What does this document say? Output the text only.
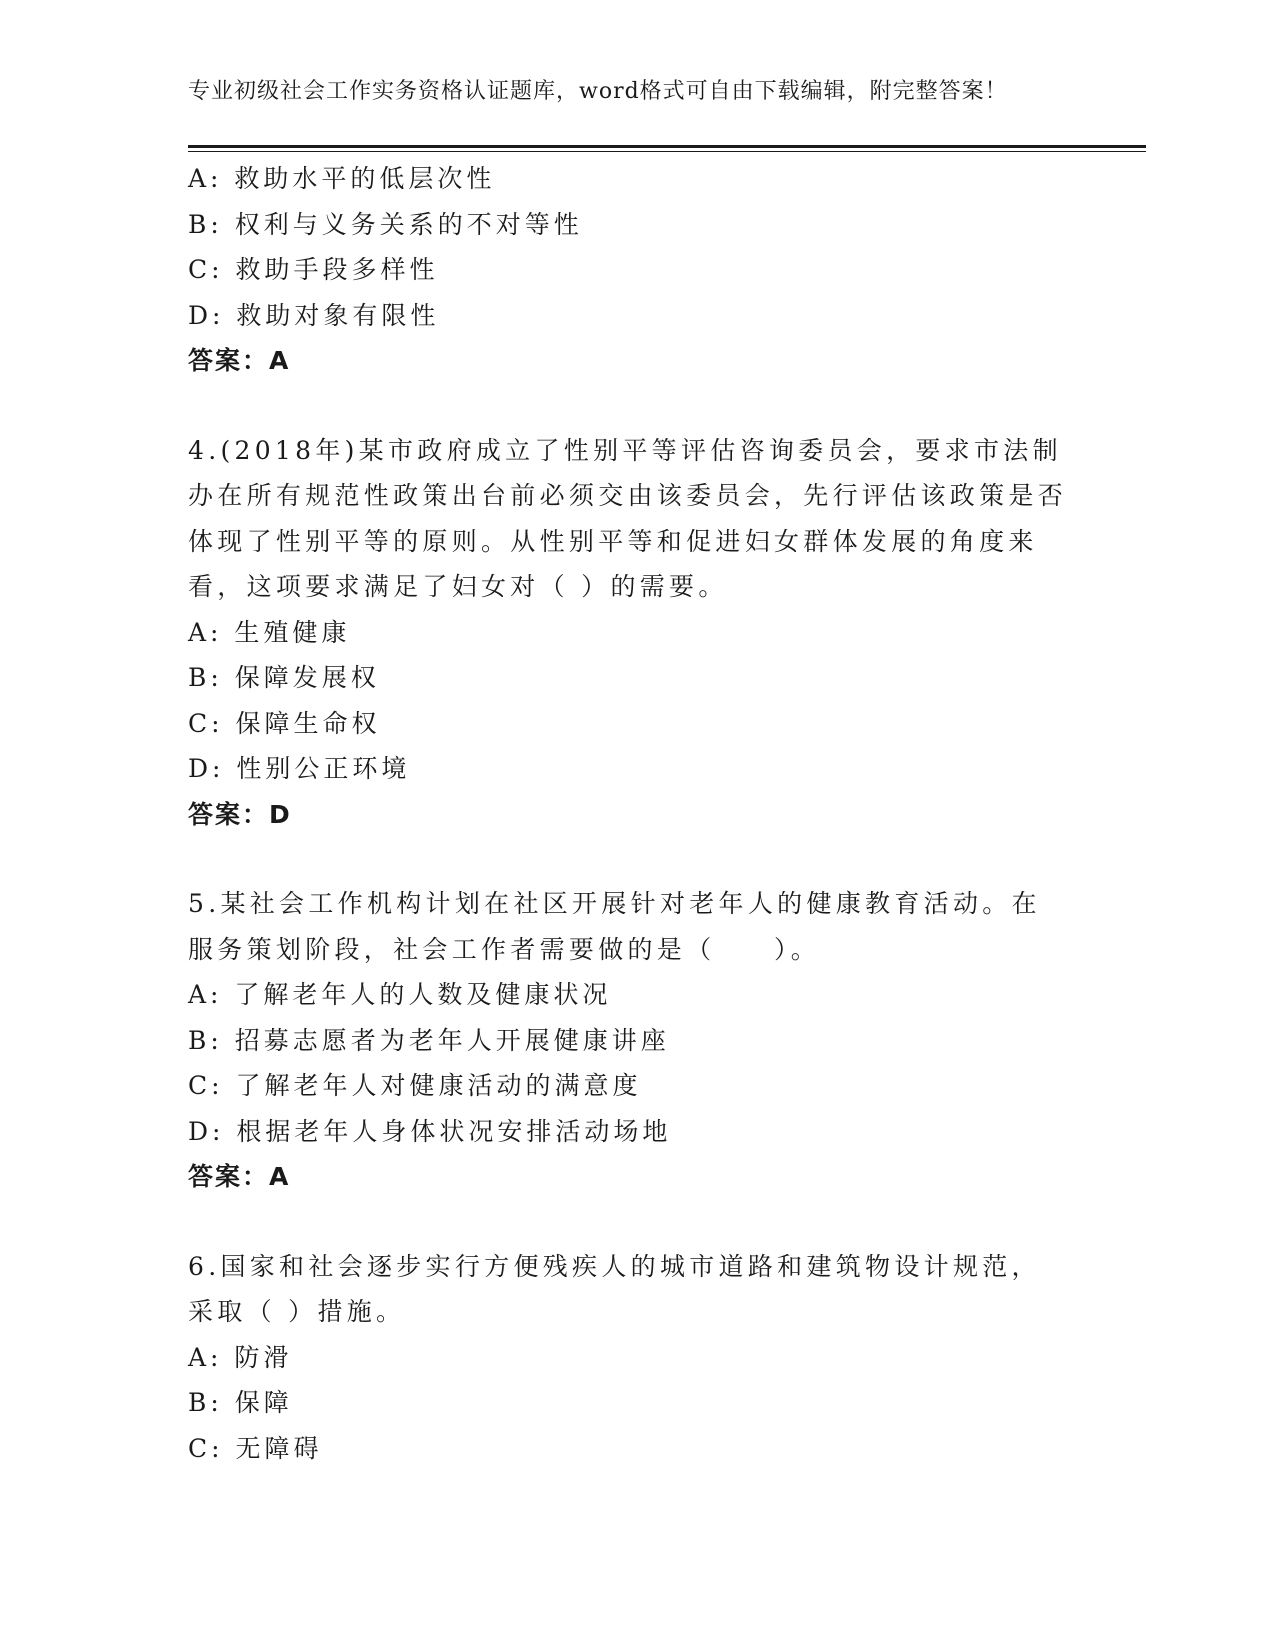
专业初级社会工作实务资格认证题库，word格式可自由下载编辑，附完整答案！
A: 救助水平的低层次性
B: 权利与义务关系的不对等性
C: 救助手段多样性
D: 救助对象有限性
答案：A
4.(2018年)某市政府成立了性别平等评估咨询委员会，要求市法制办在所有规范性政策出台前必须交由该委员会，先行评估该政策是否体现了性别平等的原则。从性别平等和促进妇女群体发展的角度来看，这项要求满足了妇女对（ ）的需要。
A: 生殖健康
B: 保障发展权
C: 保障生命权
D: 性别公正环境
答案：D
5.某社会工作机构计划在社区开展针对老年人的健康教育活动。在服务策划阶段，社会工作者需要做的是（　　）。
A: 了解老年人的人数及健康状况
B: 招募志愿者为老年人开展健康讲座
C: 了解老年人对健康活动的满意度
D: 根据老年人身体状况安排活动场地
答案：A
6.国家和社会逐步实行方便残疾人的城市道路和建筑物设计规范，采取（ ）措施。
A: 防滑
B: 保障
C: 无障碍
